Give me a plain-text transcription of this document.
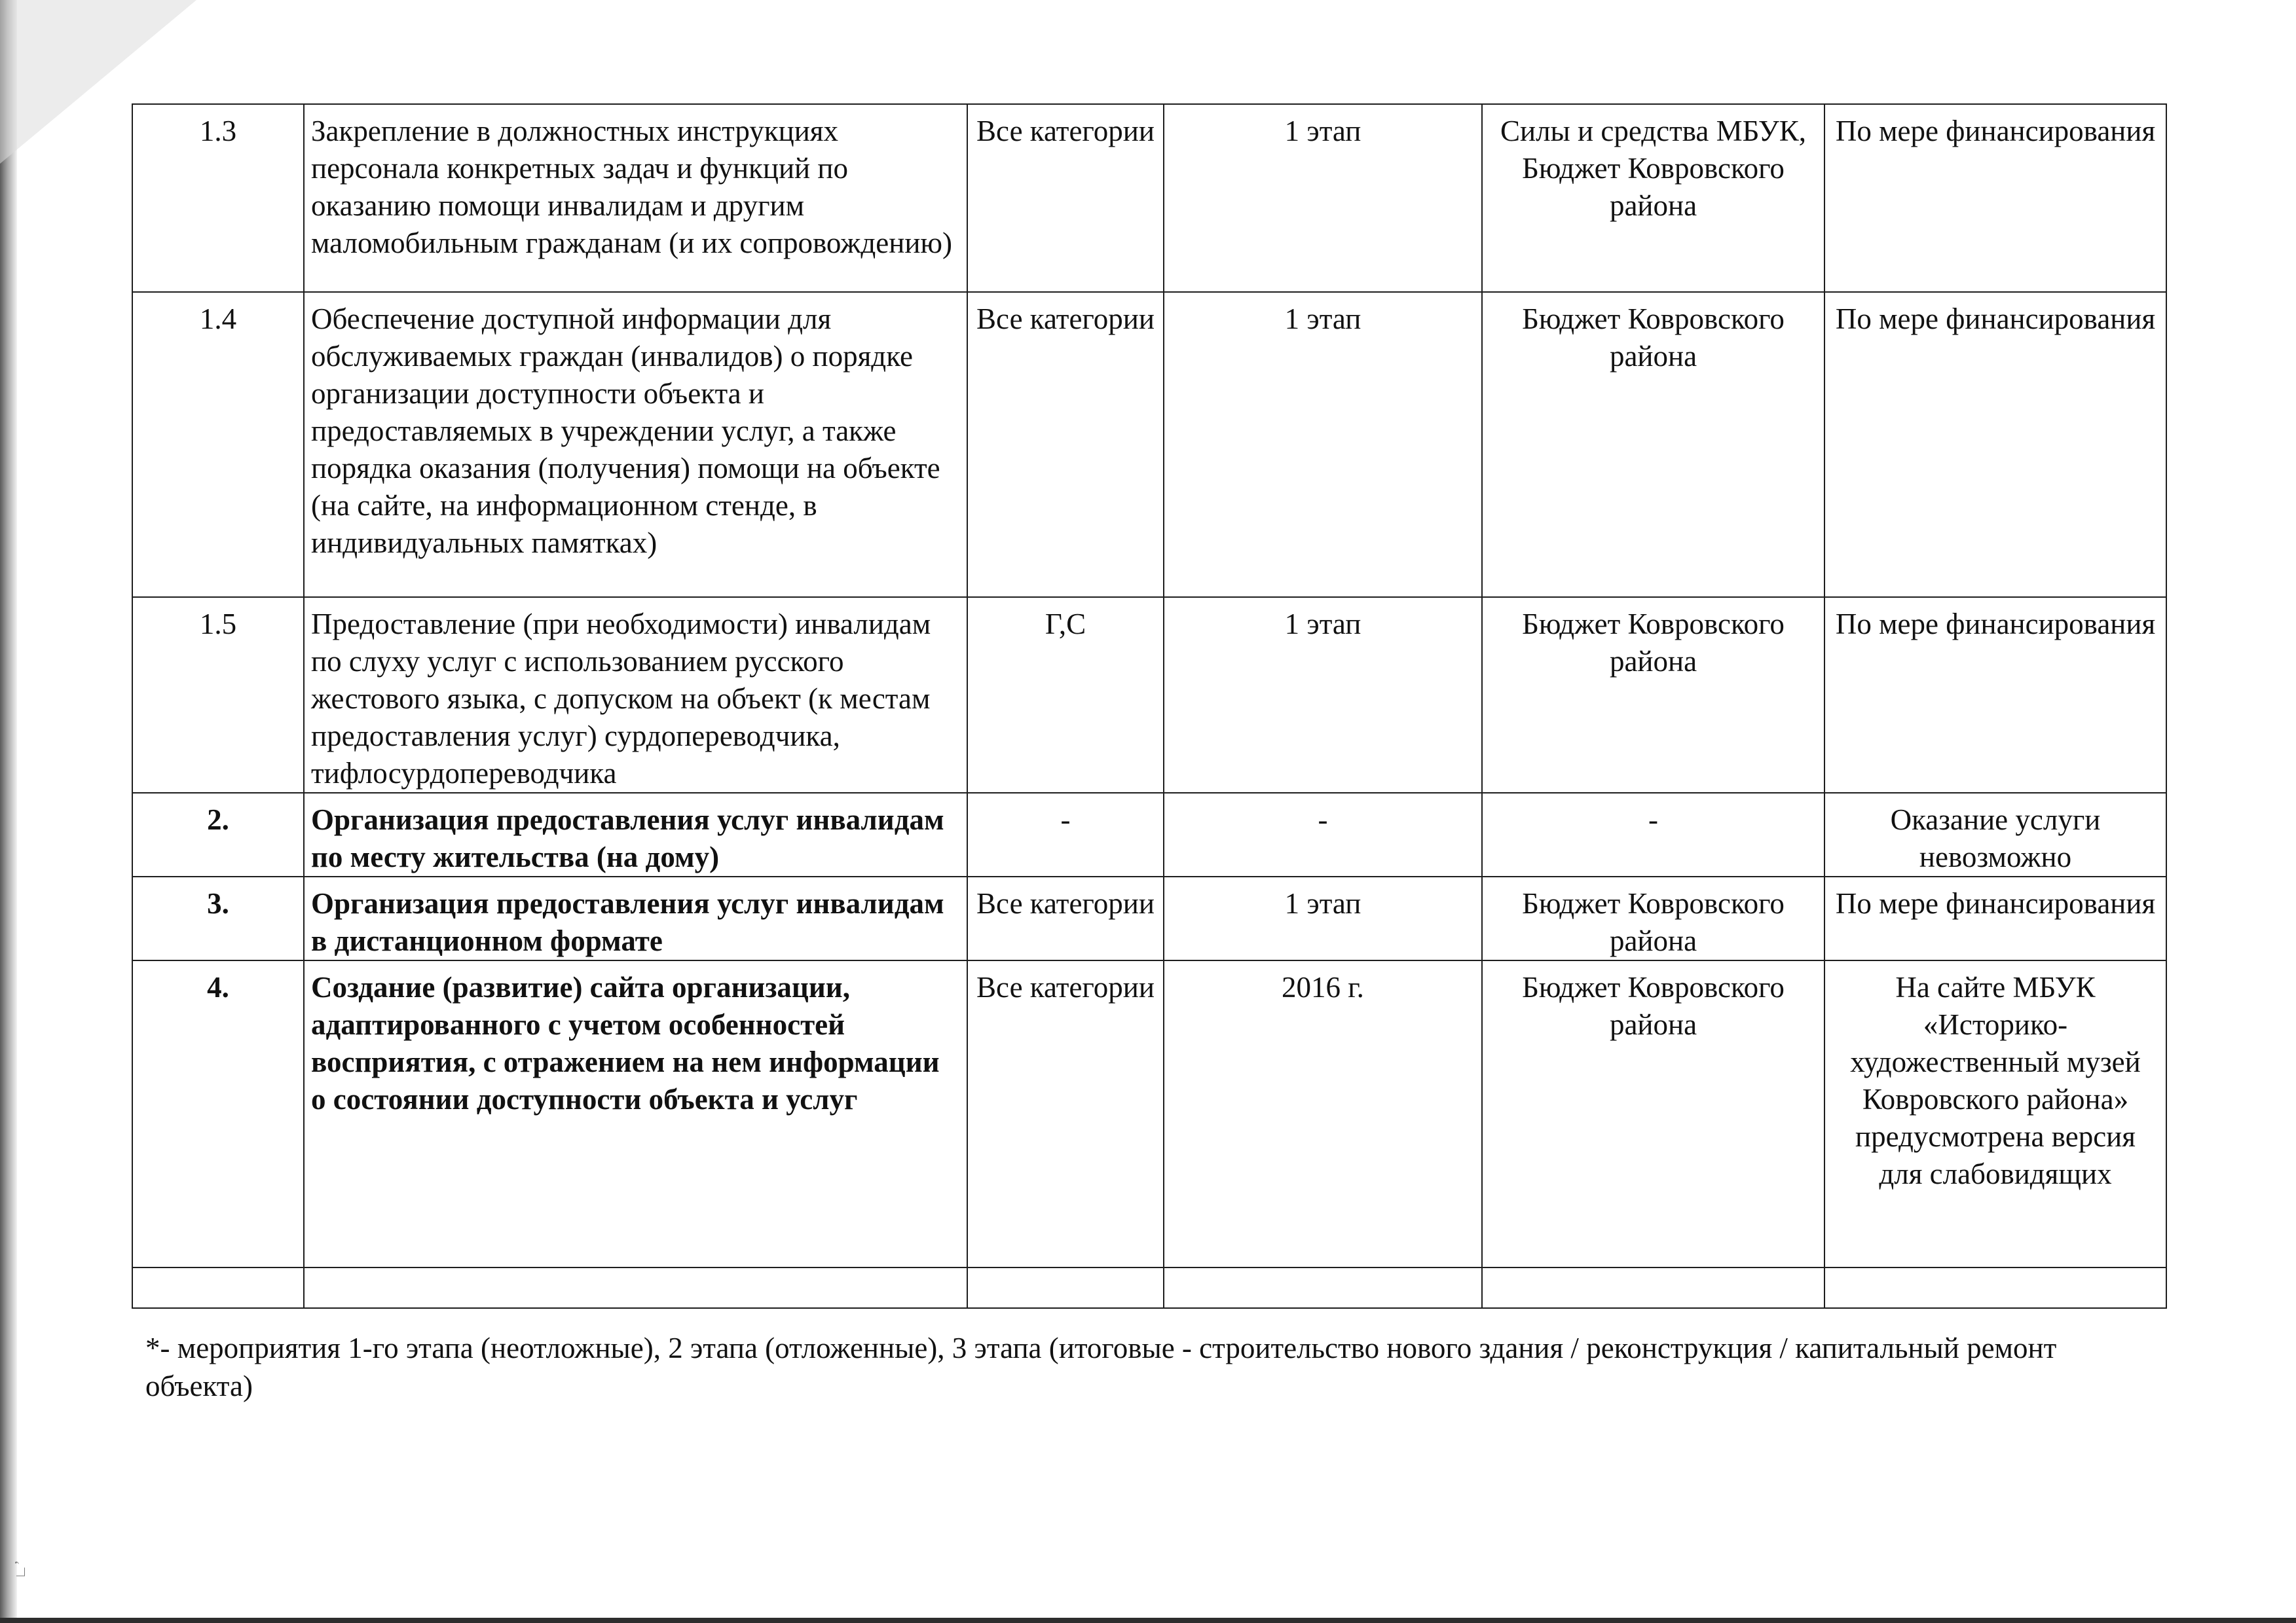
∟ʼ
1.3	Закрепление в должностных инструкциях персонала конкретных задач и функций по оказанию помощи инвалидам и другим маломобильным гражданам (и их сопровождению)	Все категории	1 этап	Силы и средства МБУК, Бюджет Ковровского района	По мере финансирования
1.4	Обеспечение доступной информации для обслуживаемых граждан (инвалидов) о порядке организации доступности объекта и предоставляемых в учреждении услуг, а также порядка оказания (получения) помощи на объекте (на сайте, на информационном стенде, в индивидуальных памятках)	Все категории	1 этап	Бюджет Ковровского района	По мере финансирования
1.5	Предоставление (при необходимости) инвалидам по слуху услуг с использованием русского жестового языка, с допуском на объект (к местам предоставления услуг) сурдопереводчика, тифлосурдопереводчика	Г,С	1 этап	Бюджет Ковровского района	По мере финансирования
2.	Организация предоставления услуг инвалидам по месту жительства (на дому)	-	-	-	Оказание услуги невозможно
3.	Организация предоставления услуг инвалидам в дистанционном формате	Все категории	1 этап	Бюджет Ковровского района	По мере финансирования
4.	Создание (развитие) сайта организации, адаптированного с учетом особенностей восприятия, с отражением на нем информации о состоянии доступности объекта и услуг	Все категории	2016 г.	Бюджет Ковровского района	На сайте МБУК «Историко-художественный музей Ковровского района» предусмотрена версия для слабовидящих

*- мероприятия 1-го этапа (неотложные), 2 этапа (отложенные), 3 этапа (итоговые - строительство нового здания / реконструкция / капитальный ремонт объекта)
